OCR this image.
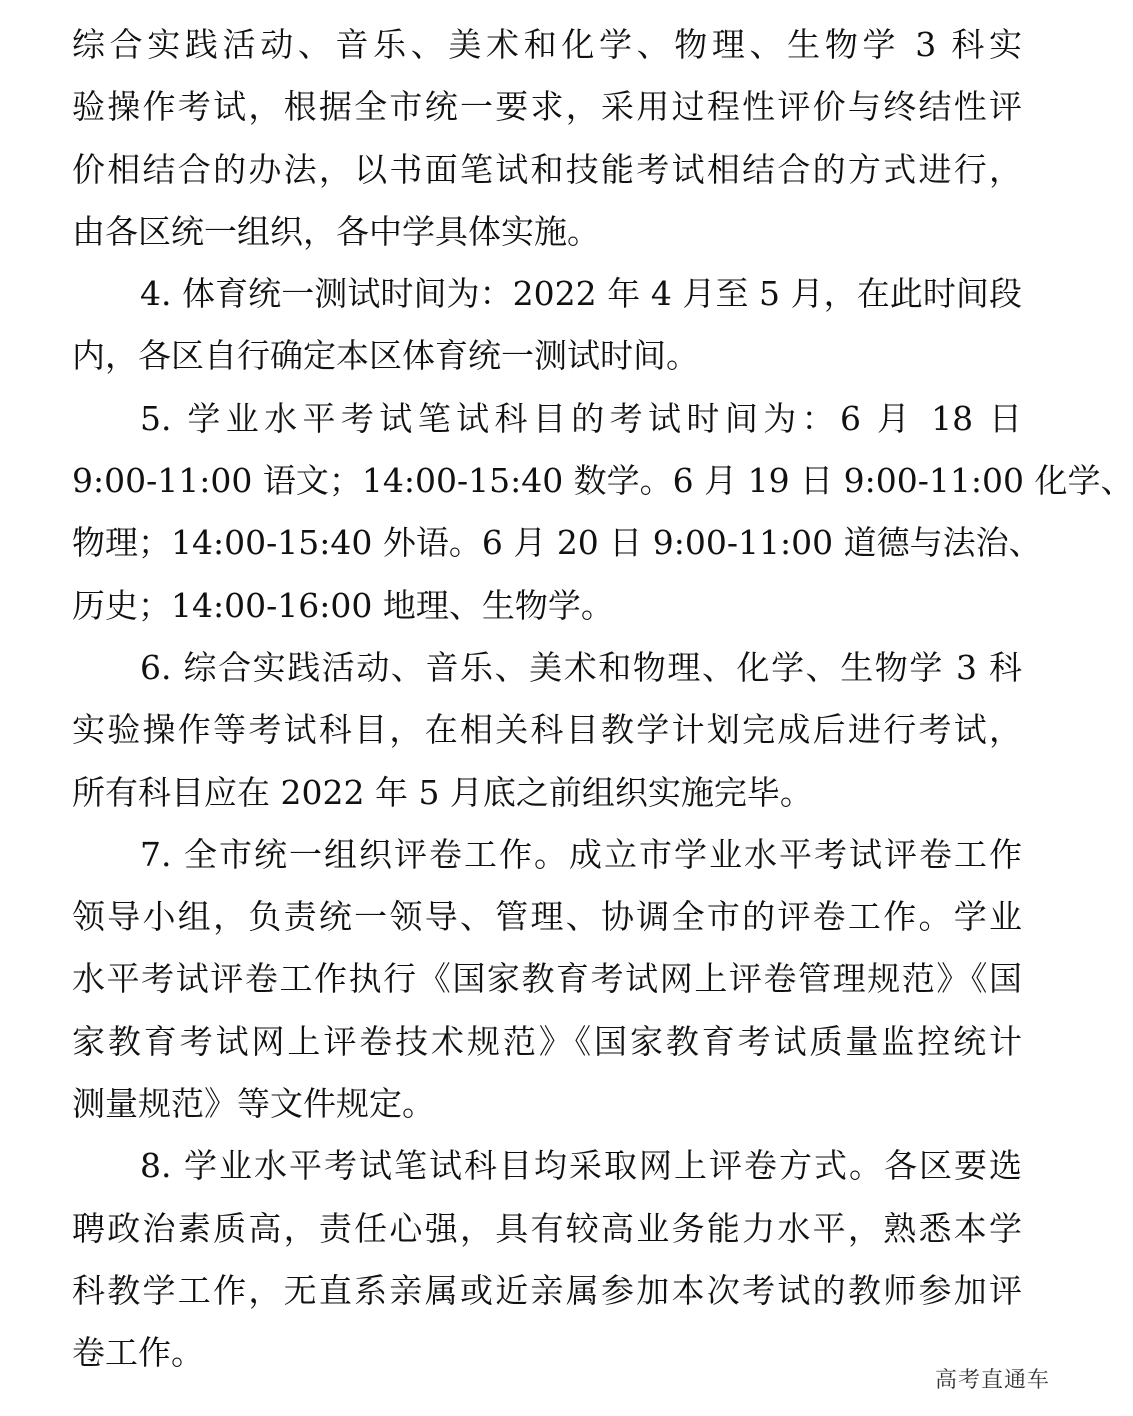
综合实践活动、音乐、美术和化学、物理、生物学 3 科实
验操作考试，根据全市统一要求，采用过程性评价与终结性评
价相结合的办法，以书面笔试和技能考试相结合的方式进行，
由各区统一组织，各中学具体实施。
4. 体育统一测试时间为：2022 年 4 月至 5 月，在此时间段
内，各区自行确定本区体育统一测试时间。
5. 学业水平考试笔试科目的考试时间为：6 月 18 日
9:00-11:00 语文；14:00-15:40 数学。6 月 19 日 9:00-11:00 化学、
物理；14:00-15:40 外语。6 月 20 日 9:00-11:00 道德与法治、
历史；14:00-16:00 地理、生物学。
6. 综合实践活动、音乐、美术和物理、化学、生物学 3 科
实验操作等考试科目，在相关科目教学计划完成后进行考试，
所有科目应在 2022 年 5 月底之前组织实施完毕。
7. 全市统一组织评卷工作。成立市学业水平考试评卷工作
领导小组，负责统一领导、管理、协调全市的评卷工作。学业
水平考试评卷工作执行《国家教育考试网上评卷管理规范》《国
家教育考试网上评卷技术规范》《国家教育考试质量监控统计
测量规范》等文件规定。
8. 学业水平考试笔试科目均采取网上评卷方式。各区要选
聘政治素质高，责任心强，具有较高业务能力水平，熟悉本学
科教学工作，无直系亲属或近亲属参加本次考试的教师参加评
卷工作。
高考直通车
